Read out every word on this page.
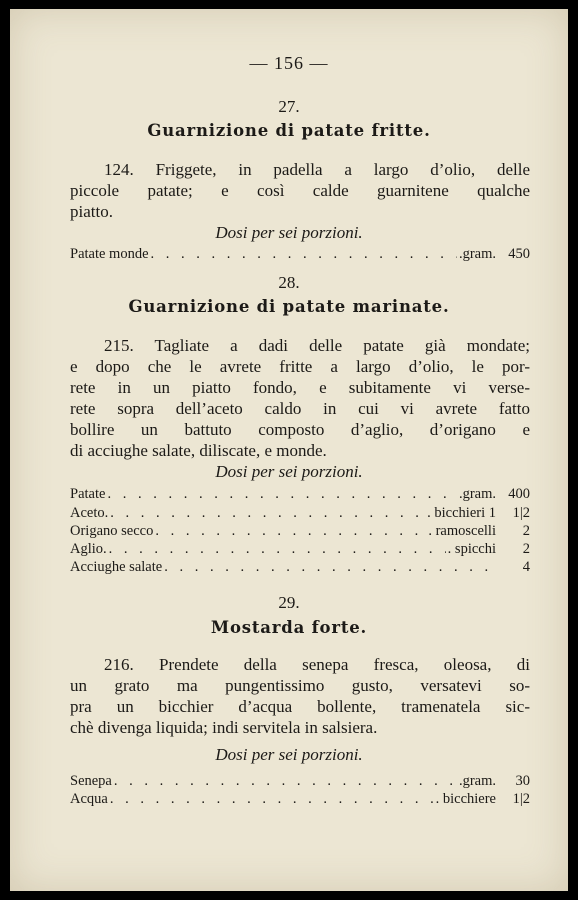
— 156 —
27.
Guarnizione di patate fritte.
124. Friggete, in padella a largo d’olio, delle
piccole patate; e così calde guarnitene qualche
piatto.
Dosi per sei porzioni.
Patate monde . . .	.gram. 450
28.
Guarnizione di patate marinate.
215. Tagliate a dadi delle patate già mondate;
e dopo che le avrete fritte a largo d’olio, le por-
rete in un piatto fondo, e subitamente vi verse-
rete sopra dell’aceto caldo in cui vi avrete fatto
bollire un battuto composto d’aglio, d’origano e
di acciughe salate, diliscate, e monde.
Dosi per sei porzioni.
Patate . . .	.gram. 400
Aceto. . . .	. bicchieri 1	1|2
Origano secco . . .	. ramoscelli	2
Aglio. . . .	. spicchi	2
Acciughe salate . . .	4
29.
Mostarda forte.
216. Prendete della senepa fresca, oleosa, di
un grato ma pungentissimo gusto, versatevi so-
pra un bicchier d’acqua bollente, tramenatela sic-
chè divenga liquida; indi servitela in salsiera.
Dosi per sei porzioni.
Senepa . . .	.gram.	30
Acqua . . .	. bicchiere	1|2
